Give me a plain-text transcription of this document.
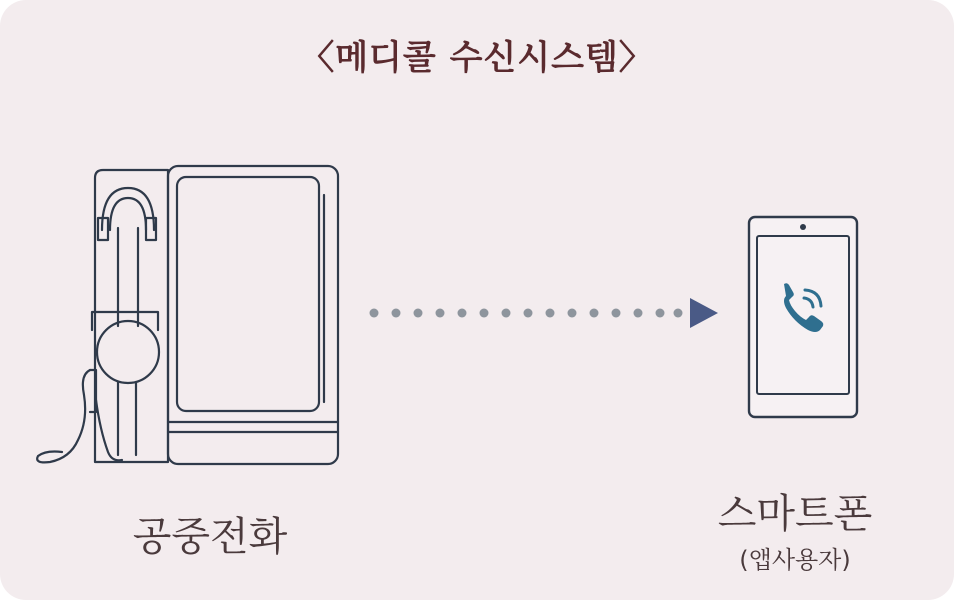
〈메디콜 수신시스템〉
공중전화	스마트폰
(앱사용자)
